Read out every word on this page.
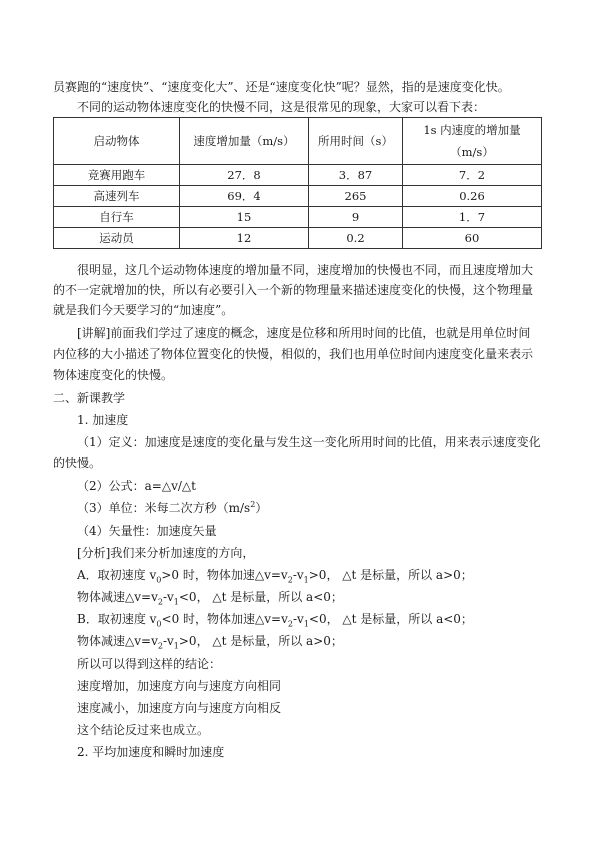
员赛跑的“速度快”、“速度变化大”、还是“速度变化快”呢？显然，指的是速度变化快。
不同的运动物体速度变化的快慢不同，这是很常见的现象，大家可以看下表：
启动物体	速度增加量（m/s）	所用时间（s）	1s 内速度的增加量
（m/s）

竞赛用跑车	27．8	3．87	7．2
高速列车	69．4	265	0.26
自行车	15	9	1．7
运动员	12	0.2	60
很明显，这几个运动物体速度的增加量不同，速度增加的快慢也不同，而且速度增加大
的不一定就增加的快，所以有必要引入一个新的物理量来描述速度变化的快慢，这个物理量
就是我们今天要学习的“加速度”。
[讲解]前面我们学过了速度的概念，速度是位移和所用时间的比值，也就是用单位时间
内位移的大小描述了物体位置变化的快慢，相似的，我们也用单位时间内速度变化量来表示
物体速度变化的快慢。
二、新课教学
1. 加速度
（1）定义：加速度是速度的变化量与发生这一变化所用时间的比值，用来表示速度变化
的快慢。
（2）公式：a=△v/△t
（3）单位：米每二次方秒$(m/s^2)$
（4）矢量性：加速度矢量
[分析]我们来分析加速度的方向，
A．取初速度 $v_0>0$ 时，物体加速$\triangle v=v_2-v_1>0$， △t 是标量，所以 a>0；
物体减速$\triangle v=v_2-v_1<0$， △t 是标量，所以 a<0；
B．取初速度 $v_0<0$ 时，物体加速$\triangle v=v_2-v_1<0$， △t 是标量，所以 a<0；
物体减速$\triangle v=v_2-v_1>0$， △t 是标量，所以 a>0；
所以可以得到这样的结论：
速度增加，加速度方向与速度方向相同
速度减小，加速度方向与速度方向相反
这个结论反过来也成立。
2. 平均加速度和瞬时加速度
